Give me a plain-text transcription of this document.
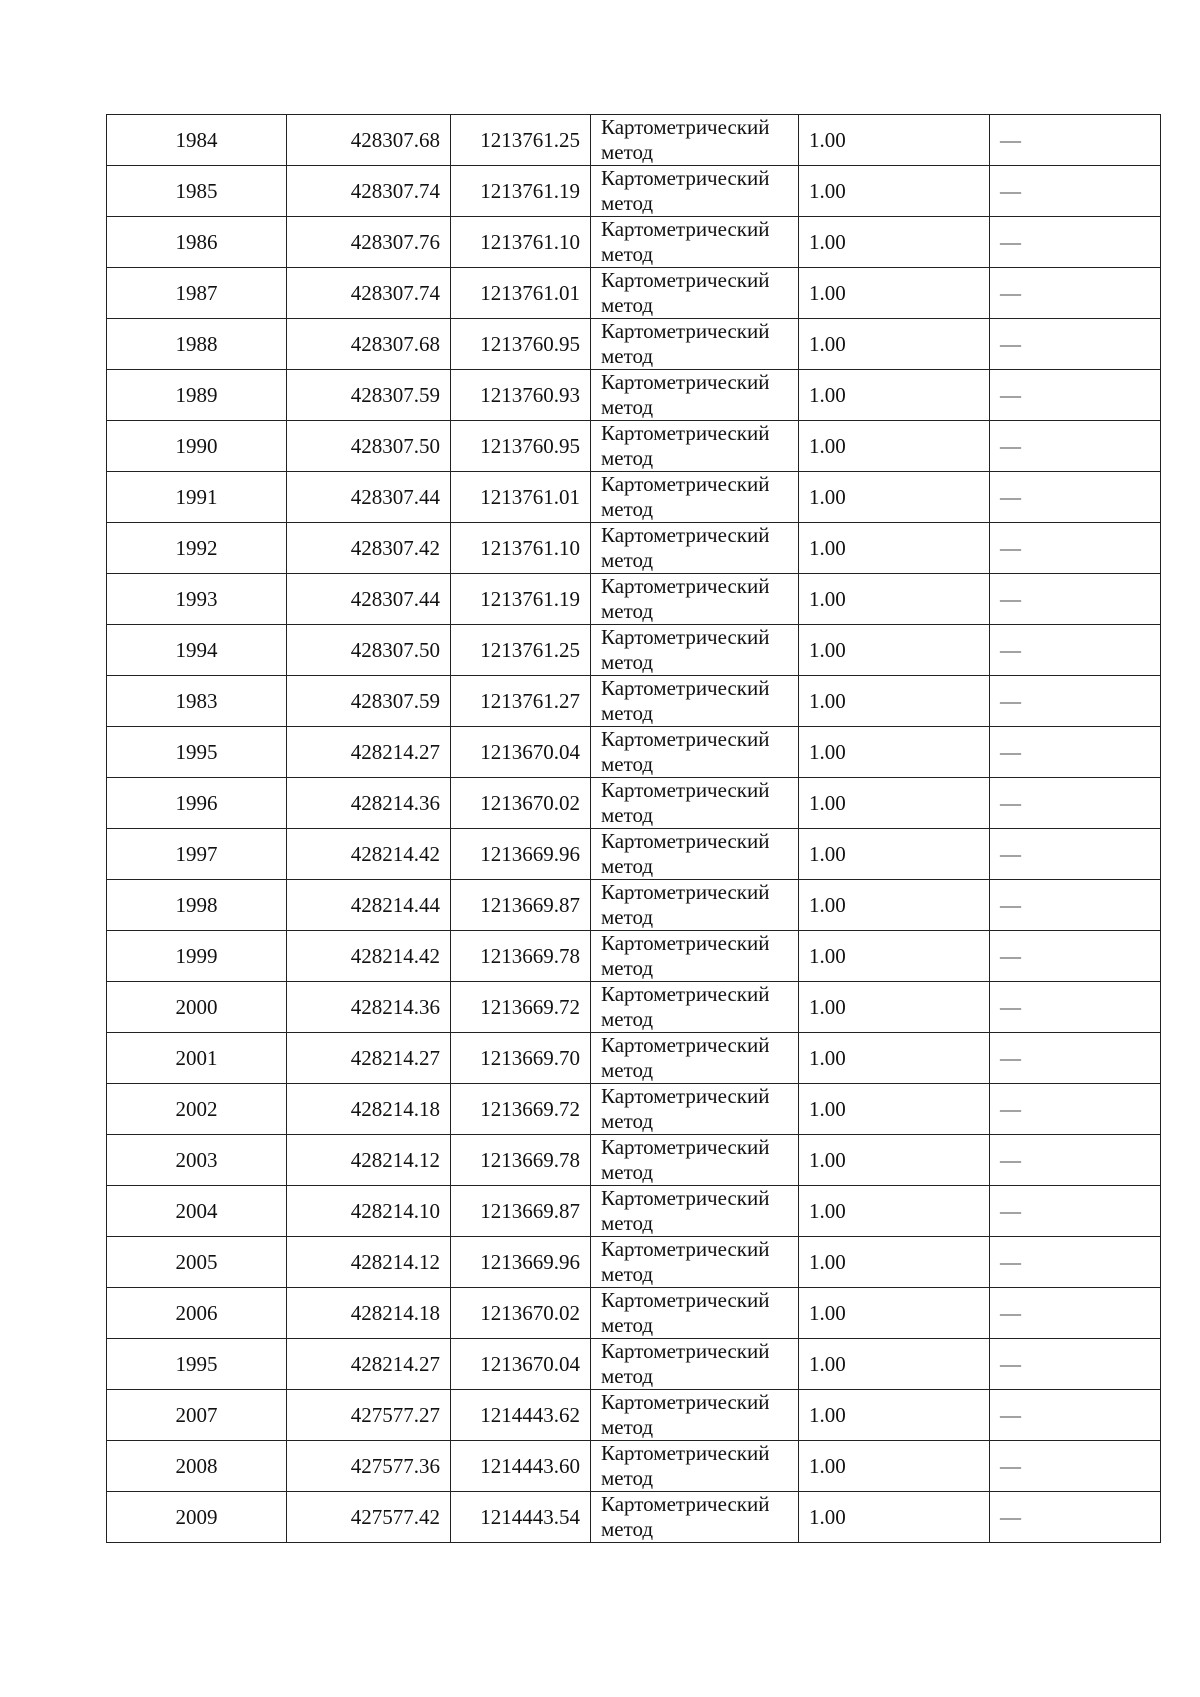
1984	428307.68	1213761.25	Картометрический метод	1.00	—
1985	428307.74	1213761.19	Картометрический метод	1.00	—
1986	428307.76	1213761.10	Картометрический метод	1.00	—
1987	428307.74	1213761.01	Картометрический метод	1.00	—
1988	428307.68	1213760.95	Картометрический метод	1.00	—
1989	428307.59	1213760.93	Картометрический метод	1.00	—
1990	428307.50	1213760.95	Картометрический метод	1.00	—
1991	428307.44	1213761.01	Картометрический метод	1.00	—
1992	428307.42	1213761.10	Картометрический метод	1.00	—
1993	428307.44	1213761.19	Картометрический метод	1.00	—
1994	428307.50	1213761.25	Картометрический метод	1.00	—
1983	428307.59	1213761.27	Картометрический метод	1.00	—
1995	428214.27	1213670.04	Картометрический метод	1.00	—
1996	428214.36	1213670.02	Картометрический метод	1.00	—
1997	428214.42	1213669.96	Картометрический метод	1.00	—
1998	428214.44	1213669.87	Картометрический метод	1.00	—
1999	428214.42	1213669.78	Картометрический метод	1.00	—
2000	428214.36	1213669.72	Картометрический метод	1.00	—
2001	428214.27	1213669.70	Картометрический метод	1.00	—
2002	428214.18	1213669.72	Картометрический метод	1.00	—
2003	428214.12	1213669.78	Картометрический метод	1.00	—
2004	428214.10	1213669.87	Картометрический метод	1.00	—
2005	428214.12	1213669.96	Картометрический метод	1.00	—
2006	428214.18	1213670.02	Картометрический метод	1.00	—
1995	428214.27	1213670.04	Картометрический метод	1.00	—
2007	427577.27	1214443.62	Картометрический метод	1.00	—
2008	427577.36	1214443.60	Картометрический метод	1.00	—
2009	427577.42	1214443.54	Картометрический метод	1.00	—
